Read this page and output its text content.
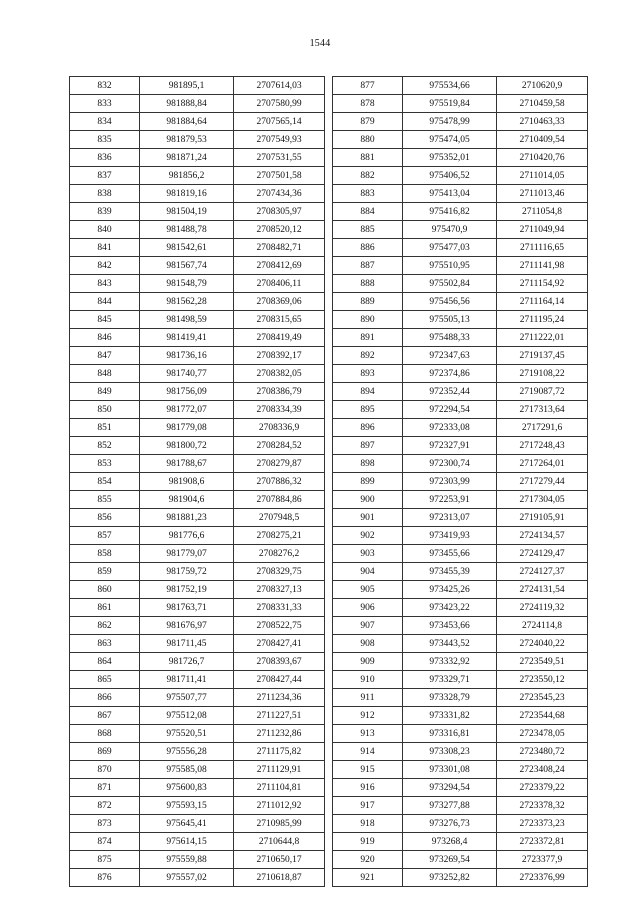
1544
832	981895,1	2707614,03
833	981888,84	2707580,99
834	981884,64	2707565,14
835	981879,53	2707549,93
836	981871,24	2707531,55
837	981856,2	2707501,58
838	981819,16	2707434,36
839	981504,19	2708305,97
840	981488,78	2708520,12
841	981542,61	2708482,71
842	981567,74	2708412,69
843	981548,79	2708406,11
844	981562,28	2708369,06
845	981498,59	2708315,65
846	981419,41	2708419,49
847	981736,16	2708392,17
848	981740,77	2708382,05
849	981756,09	2708386,79
850	981772,07	2708334,39
851	981779,08	2708336,9
852	981800,72	2708284,52
853	981788,67	2708279,87
854	981908,6	2707886,32
855	981904,6	2707884,86
856	981881,23	2707948,5
857	981776,6	2708275,21
858	981779,07	2708276,2
859	981759,72	2708329,75
860	981752,19	2708327,13
861	981763,71	2708331,33
862	981676,97	2708522,75
863	981711,45	2708427,41
864	981726,7	2708393,67
865	981711,41	2708427,44
866	975507,77	2711234,36
867	975512,08	2711227,51
868	975520,51	2711232,86
869	975556,28	2711175,82
870	975585,08	2711129,91
871	975600,83	2711104,81
872	975593,15	2711012,92
873	975645,41	2710985,99
874	975614,15	2710644,8
875	975559,88	2710650,17
876	975557,02	2710618,87
877	975534,66	2710620,9
878	975519,84	2710459,58
879	975478,99	2710463,33
880	975474,05	2710409,54
881	975352,01	2710420,76
882	975406,52	2711014,05
883	975413,04	2711013,46
884	975416,82	2711054,8
885	975470,9	2711049,94
886	975477,03	2711116,65
887	975510,95	2711141,98
888	975502,84	2711154,92
889	975456,56	2711164,14
890	975505,13	2711195,24
891	975488,33	2711222,01
892	972347,63	2719137,45
893	972374,86	2719108,22
894	972352,44	2719087,72
895	972294,54	2717313,64
896	972333,08	2717291,6
897	972327,91	2717248,43
898	972300,74	2717264,01
899	972303,99	2717279,44
900	972253,91	2717304,05
901	972313,07	2719105,91
902	973419,93	2724134,57
903	973455,66	2724129,47
904	973455,39	2724127,37
905	973425,26	2724131,54
906	973423,22	2724119,32
907	973453,66	2724114,8
908	973443,52	2724040,22
909	973332,92	2723549,51
910	973329,71	2723550,12
911	973328,79	2723545,23
912	973331,82	2723544,68
913	973316,81	2723478,05
914	973308,23	2723480,72
915	973301,08	2723408,24
916	973294,54	2723379,22
917	973277,88	2723378,32
918	973276,73	2723373,23
919	973268,4	2723372,81
920	973269,54	2723377,9
921	973252,82	2723376,99
